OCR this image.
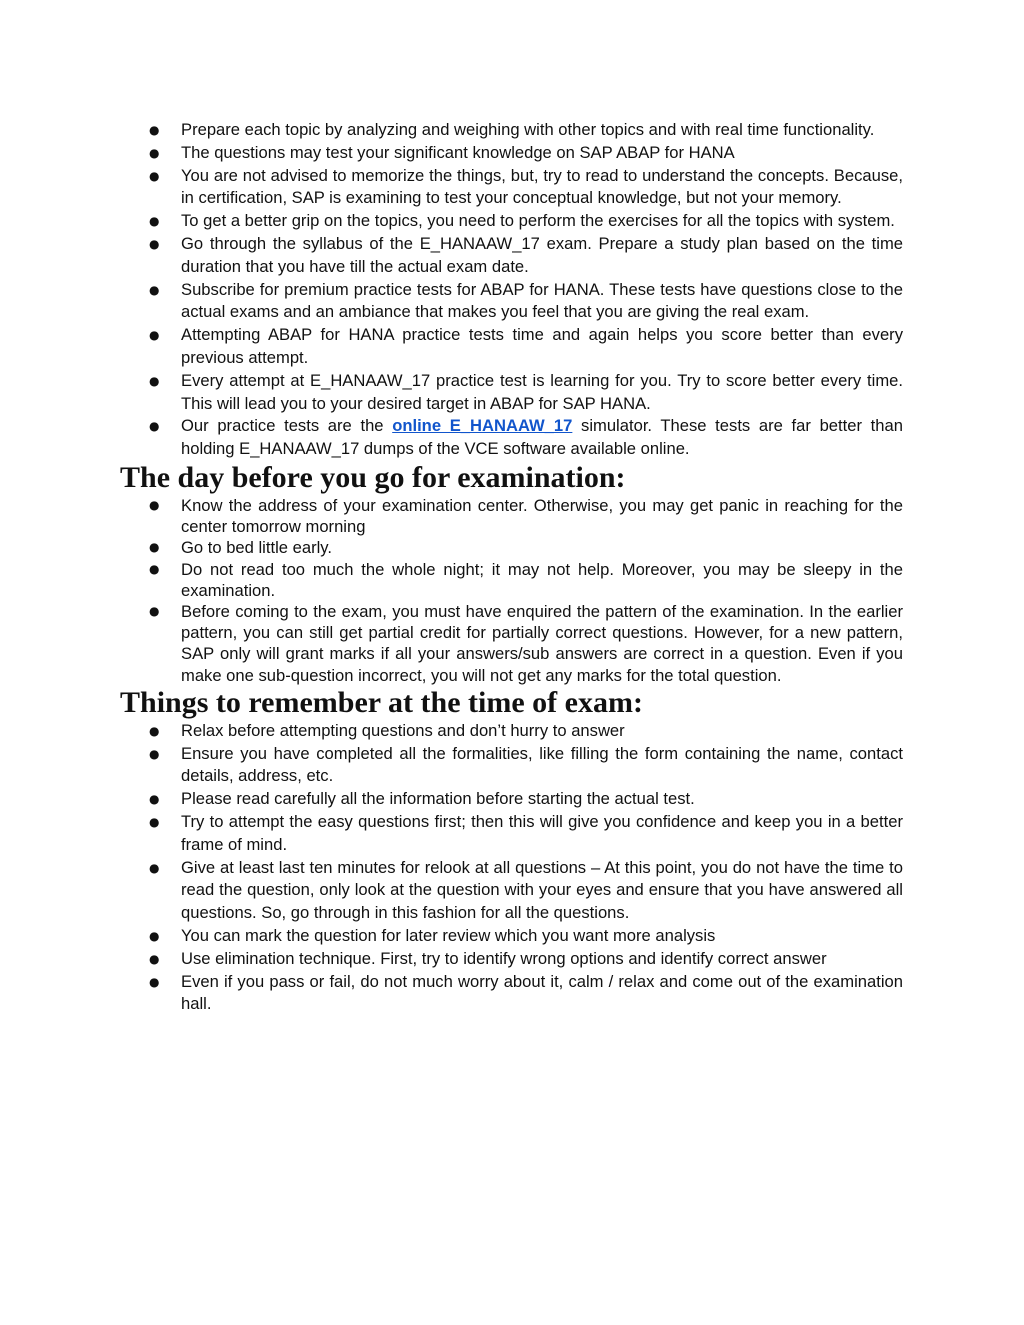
● Prepare each topic by analyzing and weighing with other topics and with real time functionality.
● The questions may test your significant knowledge on SAP ABAP for HANA
● You are not advised to memorize the things, but, try to read to understand the concepts. Because, in certification, SAP is examining to test your conceptual knowledge, but not your memory.
● To get a better grip on the topics, you need to perform the exercises for all the topics with system.
● Go through the syllabus of the E_HANAAW_17 exam. Prepare a study plan based on the time duration that you have till the actual exam date.
● Subscribe for premium practice tests for ABAP for HANA. These tests have questions close to the actual exams and an ambiance that makes you feel that you are giving the real exam.
● Attempting ABAP for HANA practice tests time and again helps you score better than every previous attempt.
● Every attempt at E_HANAAW_17 practice test is learning for you. Try to score better every time. This will lead you to your desired target in ABAP for SAP HANA.
● Our practice tests are the online E_HANAAW_17 simulator. These tests are far better than holding E_HANAAW_17 dumps of the VCE software available online.
The day before you go for examination:
● Know the address of your examination center. Otherwise, you may get panic in reaching for the center tomorrow morning
● Go to bed little early.
● Do not read too much the whole night; it may not help. Moreover, you may be sleepy in the examination.
● Before coming to the exam, you must have enquired the pattern of the examination. In the earlier pattern, you can still get partial credit for partially correct questions. However, for a new pattern, SAP only will grant marks if all your answers/sub answers are correct in a question. Even if you make one sub-question incorrect, you will not get any marks for the total question.
Things to remember at the time of exam:
● Relax before attempting questions and don’t hurry to answer
● Ensure you have completed all the formalities, like filling the form containing the name, contact details, address, etc.
● Please read carefully all the information before starting the actual test.
● Try to attempt the easy questions first; then this will give you confidence and keep you in a better frame of mind.
● Give at least last ten minutes for relook at all questions – At this point, you do not have the time to read the question, only look at the question with your eyes and ensure that you have answered all questions. So, go through in this fashion for all the questions.
● You can mark the question for later review which you want more analysis
● Use elimination technique. First, try to identify wrong options and identify correct answer
● Even if you pass or fail, do not much worry about it, calm / relax and come out of the examination hall.
